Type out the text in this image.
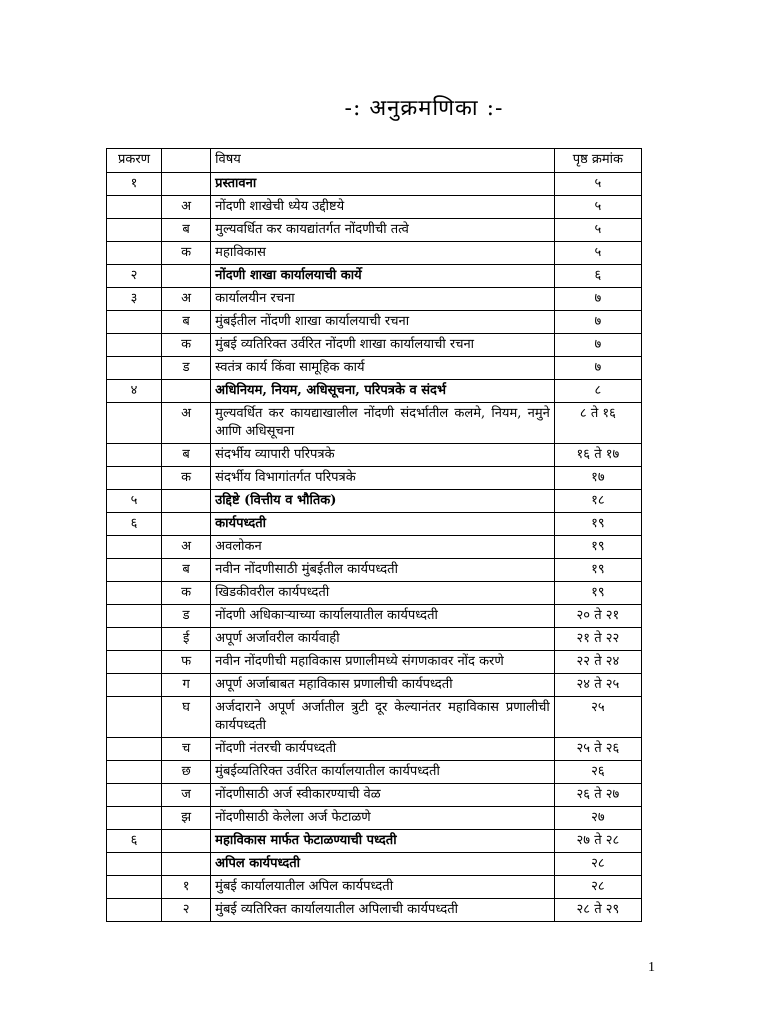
-: अनुक्रमणिका :-
प्रकरण		विषय	पृष्ठ क्रमांक
१		प्रस्तावना	५
	अ	नोंदणी शाखेची ध्येय उद्दीष्टये	५
	ब	मुल्यवर्धित कर कायद्यांतर्गत नोंदणीची तत्वे	५
	क	महाविकास	५
२		नोंदणी शाखा कार्यालयाची कार्ये	६
३	अ	कार्यालयीन रचना	७
	ब	मुंबईतील नोंदणी शाखा कार्यालयाची रचना	७
	क	मुंबई व्यतिरिक्त उर्वरित नोंदणी शाखा कार्यालयाची रचना	७
	ड	स्वतंत्र कार्य किंवा सामूहिक कार्य	७
४		अधिनियम, नियम, अधिसूचना, परिपत्रके व संदर्भ	८
	अ	मुल्यवर्धित कर कायद्याखालील नोंदणी संदर्भातील कलमे, नियम, नमुने आणि अधिसूचना	८ ते १६
	ब	संदर्भीय व्यापारी परिपत्रके	१६ ते १७
	क	संदर्भीय विभागांतर्गत परिपत्रके	१७
५		उद्दिष्टे (वित्तीय व भौतिक)	१८
६		कार्यपध्दती	१९
	अ	अवलोकन	१९
	ब	नवीन नोंदणीसाठी मुंबईतील कार्यपध्दती	१९
	क	खिडकीवरील कार्यपध्दती	१९
	ड	नोंदणी अधिकाऱ्याच्या कार्यालयातील कार्यपध्दती	२० ते २१
	ई	अपूर्ण अर्जावरील कार्यवाही	२१ ते २२
	फ	नवीन नोंदणीची महाविकास प्रणालीमध्ये संगणकावर नोंद करणे	२२ ते २४
	ग	अपूर्ण अर्जाबाबत महाविकास प्रणालीची कार्यपध्दती	२४ ते २५
	घ	अर्जदाराने अपूर्ण अर्जातील त्रुटी दूर केल्यानंतर महाविकास प्रणालीची कार्यपध्दती	२५
	च	नोंदणी नंतरची कार्यपध्दती	२५ ते २६
	छ	मुंबईव्यतिरिक्त उर्वरित कार्यालयातील कार्यपध्दती	२६
	ज	नोंदणीसाठी अर्ज स्वीकारण्याची वेळ	२६ ते २७
	झ	नोंदणीसाठी केलेला अर्ज फेटाळणे	२७
६		महाविकास मार्फत फेटाळण्याची पध्दती	२७ ते २८
		अपिल कार्यपध्दती	२८
	१	मुंबई कार्यालयातील अपिल कार्यपध्दती	२८
	२	मुंबई व्यतिरिक्त कार्यालयातील अपिलाची कार्यपध्दती	२८ ते २९
1
